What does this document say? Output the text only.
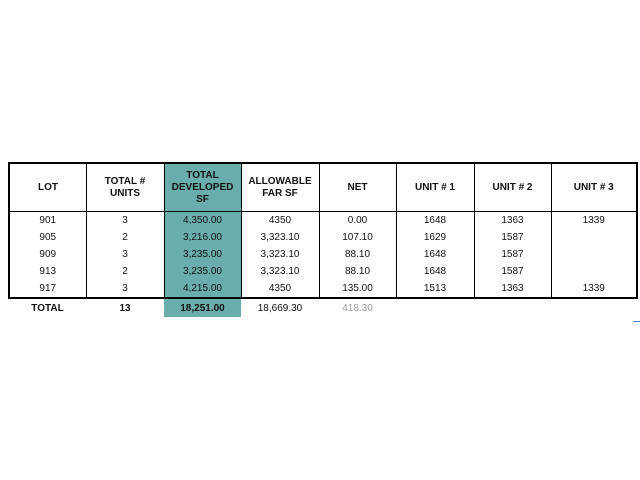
LOT	TOTAL # UNITS	TOTAL DEVELOPED SF	ALLOWABLE FAR SF	NET	UNIT # 1	UNIT # 2	UNIT # 3
901	3	4,350.00	4350	0.00	1648	1363	1339
905	2	3,216.00	3,323.10	107.10	1629	1587	
909	3	3,235.00	3,323.10	88.10	1648	1587	
913	2	3,235.00	3,323.10	88.10	1648	1587	
917	3	4,215.00	4350	135.00	1513	1363	1339
TOTAL	13	18,251.00	18,669.30	418.30			
